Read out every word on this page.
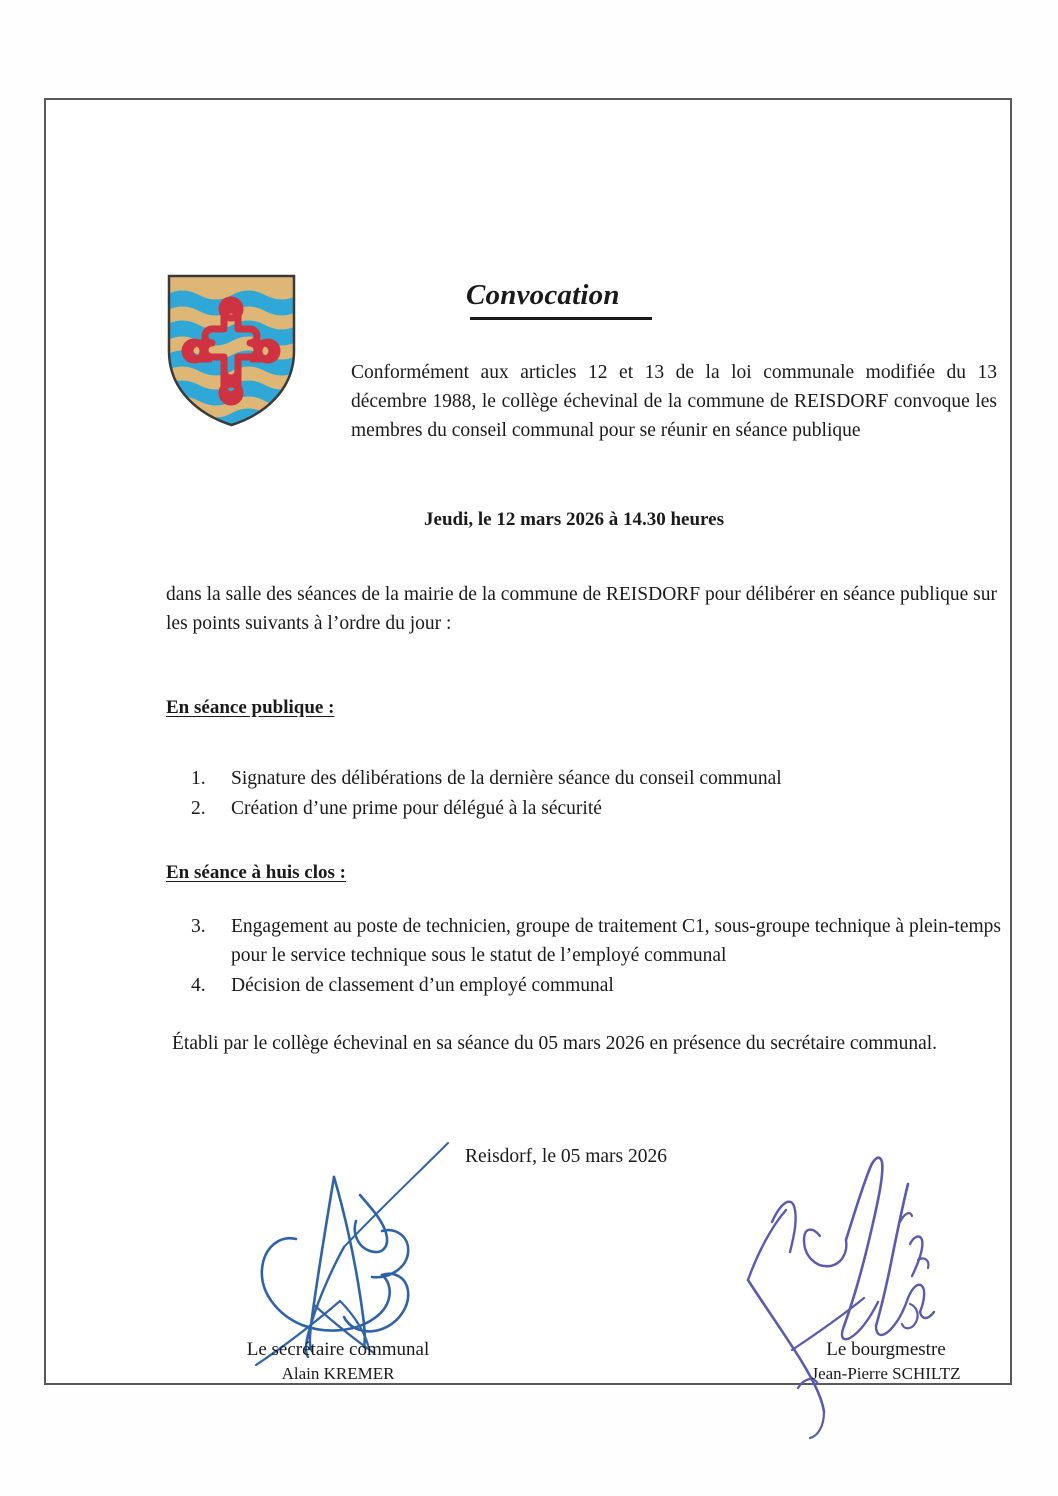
Convocation
Conformément aux articles 12 et 13 de la loi communale modifiée du 13 décembre 1988, le collège échevinal de la commune de REISDORF convoque les membres du conseil communal pour se réunir en séance publique
Jeudi, le 12 mars 2026 à 14.30 heures
dans la salle des séances de la mairie de la commune de REISDORF pour délibérer en séance publique sur les points suivants à l’ordre du jour :
En séance publique :
1.	Signature des délibérations de la dernière séance du conseil communal
2.	Création d’une prime pour délégué à la sécurité
En séance à huis clos :
3.	Engagement au poste de technicien, groupe de traitement C1, sous-groupe technique à plein-temps pour le service technique sous le statut de l’employé communal
4.	Décision de classement d’un employé communal
Établi par le collège échevinal en sa séance du 05 mars 2026 en présence du secrétaire communal.
Reisdorf, le 05 mars 2026
Le secrétaire communal
Alain KREMER
Le bourgmestre
Jean-Pierre SCHILTZ
